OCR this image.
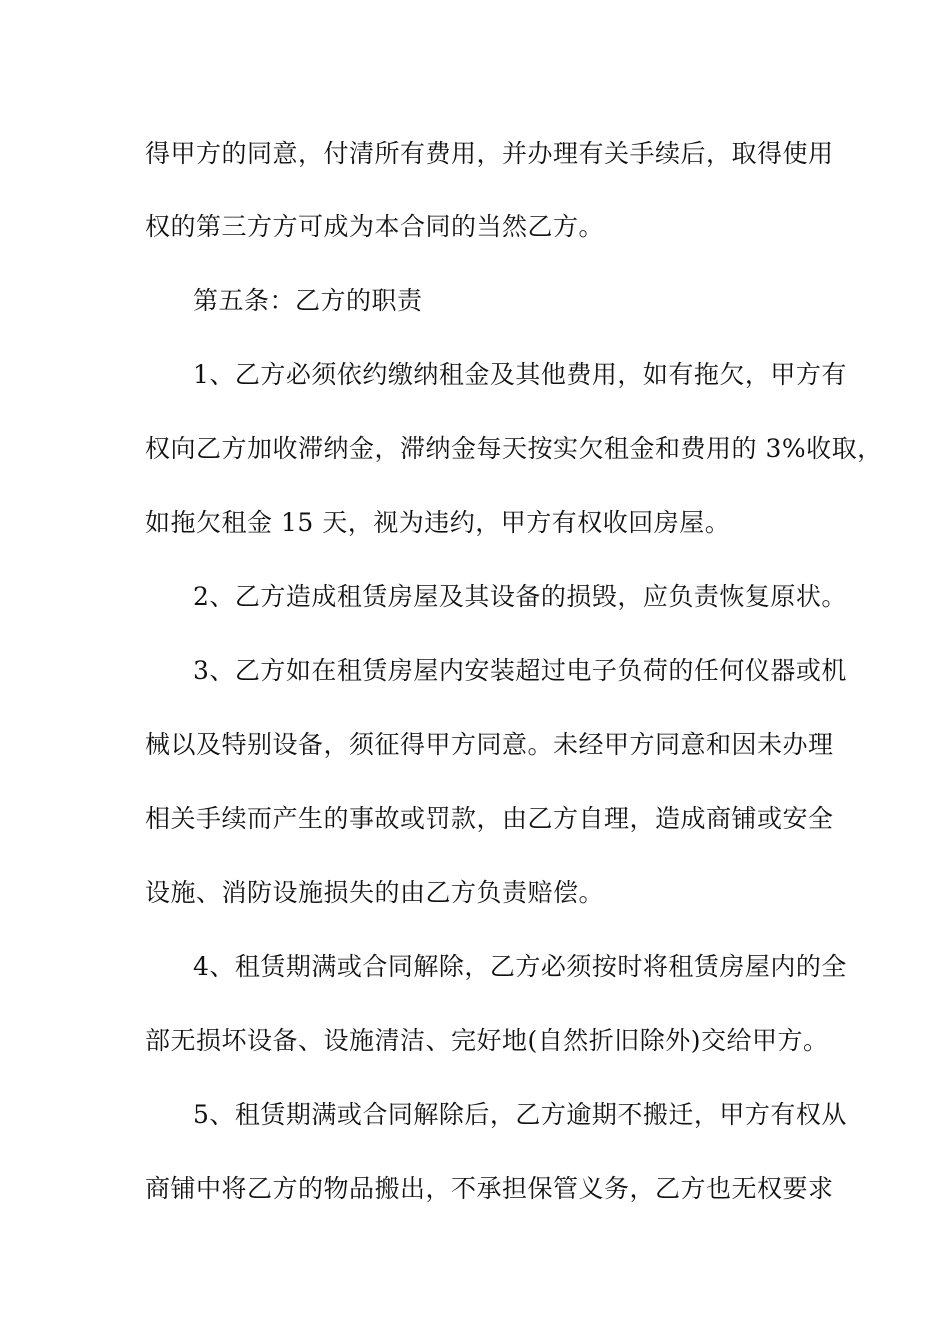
得甲方的同意，付清所有费用，并办理有关手续后，取得使用
权的第三方方可成为本合同的当然乙方。
第五条：乙方的职责
1、乙方必须依约缴纳租金及其他费用，如有拖欠，甲方有
权向乙方加收滞纳金，滞纳金每天按实欠租金和费用的 3%收取，
如拖欠租金 15 天，视为违约，甲方有权收回房屋。
2、乙方造成租赁房屋及其设备的损毁，应负责恢复原状。
3、乙方如在租赁房屋内安装超过电子负荷的任何仪器或机
械以及特别设备，须征得甲方同意。未经甲方同意和因未办理
相关手续而产生的事故或罚款，由乙方自理，造成商铺或安全
设施、消防设施损失的由乙方负责赔偿。
4、租赁期满或合同解除，乙方必须按时将租赁房屋内的全
部无损坏设备、设施清洁、完好地(自然折旧除外)交给甲方。
5、租赁期满或合同解除后，乙方逾期不搬迁，甲方有权从
商铺中将乙方的物品搬出，不承担保管义务，乙方也无权要求
